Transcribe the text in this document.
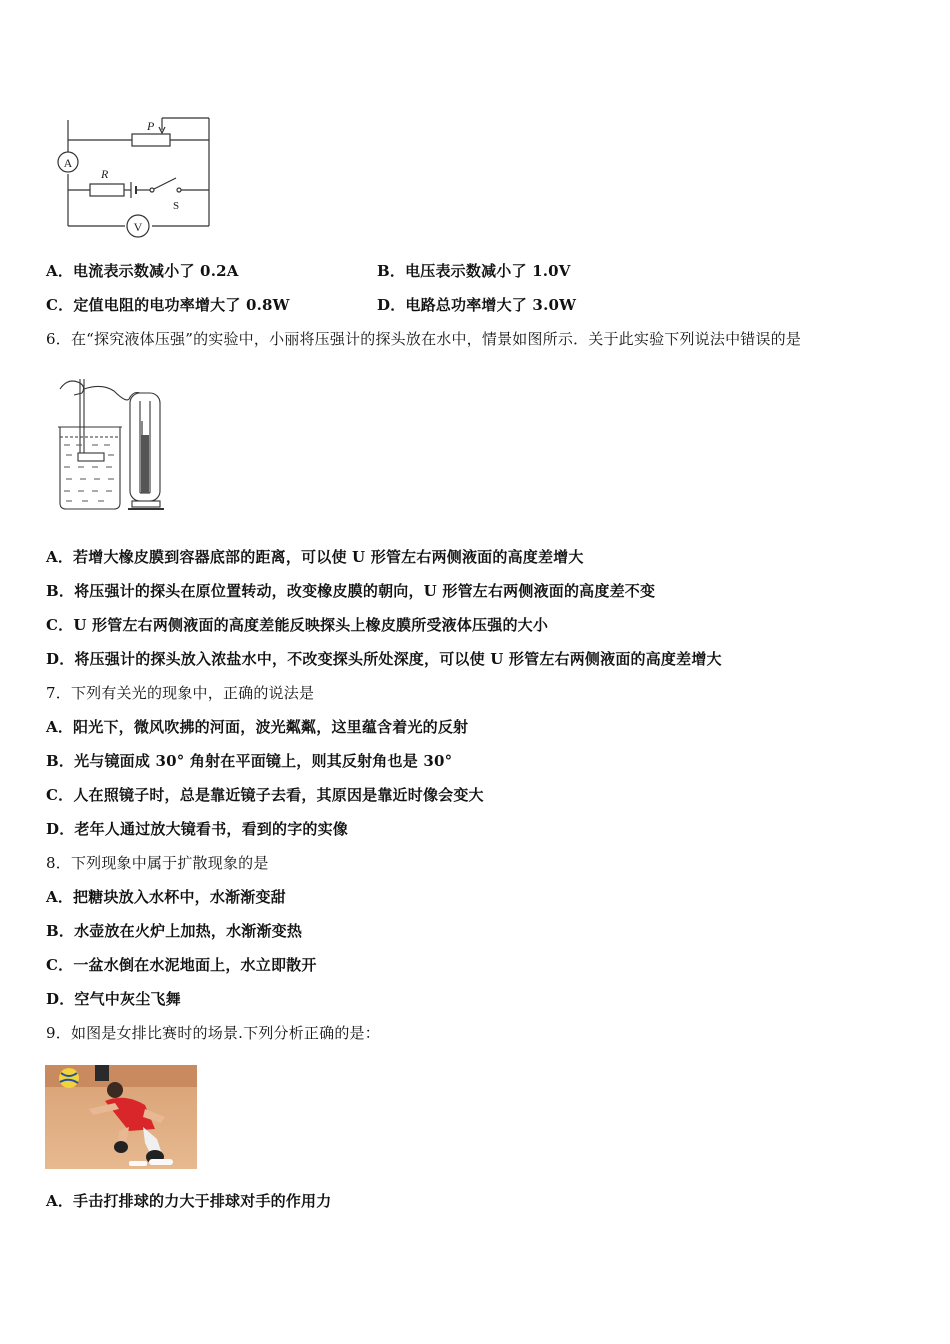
A
V
P
R
S
A．电流表示数减小了 0.2A	B．电压表示数减小了 1.0V
C．定值电阻的电功率增大了 0.8W	D．电路总功率增大了 3.0W
6．在“探究液体压强”的实验中，小丽将压强计的探头放在水中，情景如图所示．关于此实验下列说法中错误的是
A．若增大橡皮膜到容器底部的距离，可以使 U 形管左右两侧液面的高度差增大
B．将压强计的探头在原位置转动，改变橡皮膜的朝向，U 形管左右两侧液面的高度差不变
C．U 形管左右两侧液面的高度差能反映探头上橡皮膜所受液体压强的大小
D．将压强计的探头放入浓盐水中，不改变探头所处深度，可以使 U 形管左右两侧液面的高度差增大
7．下列有关光的现象中，正确的说法是
A．阳光下，微风吹拂的河面，波光粼粼，这里蕴含着光的反射
B．光与镜面成 30° 角射在平面镜上，则其反射角也是 30°
C．人在照镜子时，总是靠近镜子去看，其原因是靠近时像会变大
D．老年人通过放大镜看书，看到的字的实像
8．下列现象中属于扩散现象的是
A．把糖块放入水杯中，水渐渐变甜
B．水壶放在火炉上加热，水渐渐变热
C．一盆水倒在水泥地面上，水立即散开
D．空气中灰尘飞舞
9．如图是女排比赛时的场景.下列分析正确的是：
A．手击打排球的力大于排球对手的作用力
